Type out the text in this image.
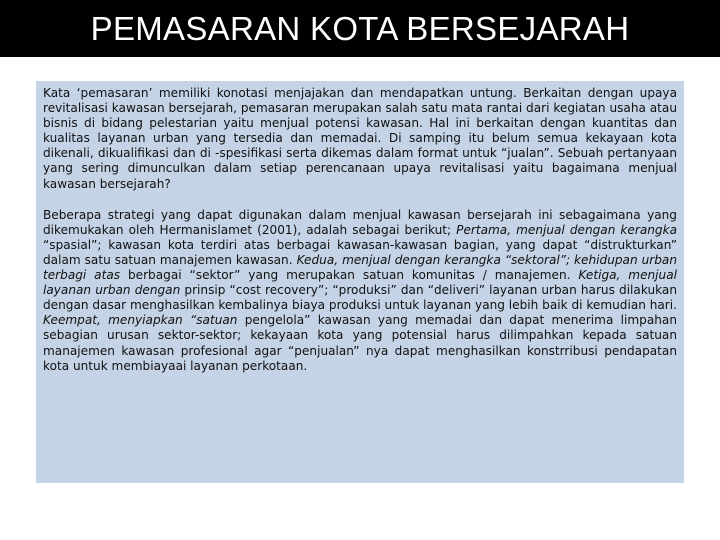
PEMASARAN KOTA BERSEJARAH

Kata ‘pemasaran’ memiliki konotasi menjajakan dan mendapatkan untung. Berkaitan dengan upaya revitalisasi kawasan bersejarah, pemasaran merupakan salah satu mata rantai dari kegiatan usaha atau bisnis di bidang pelestarian yaitu menjual potensi kawasan. Hal ini berkaitan dengan kuantitas dan kualitas layanan urban yang tersedia dan memadai. Di samping itu belum semua kekayaan kota dikenali, dikualifikasi dan di -spesifikasi serta dikemas dalam format untuk “jualan”. Sebuah pertanyaan yang sering dimunculkan dalam setiap perencanaan upaya revitalisasi yaitu bagaimana menjual kawasan bersejarah?

Beberapa strategi yang dapat digunakan dalam menjual kawasan bersejarah ini sebagaimana yang dikemukakan oleh Hermanislamet (2001), adalah sebagai berikut; Pertama, menjual dengan kerangka “spasial”; kawasan kota terdiri atas berbagai kawasan-kawasan bagian, yang dapat “distrukturkan” dalam satu satuan manajemen kawasan. Kedua, menjual dengan kerangka “sektoral”; kehidupan urban terbagi atas berbagai “sektor” yang merupakan satuan komunitas / manajemen. Ketiga, menjual layanan urban dengan prinsip “cost recovery”; “produksi” dan “deliveri” layanan urban harus dilakukan dengan dasar menghasilkan kembalinya biaya produksi untuk layanan yang lebih baik di kemudian hari. Keempat, menyiapkan “satuan pengelola” kawasan yang memadai dan dapat menerima limpahan sebagian urusan sektor-sektor; kekayaan kota yang potensial harus dilimpahkan kepada satuan manajemen kawasan profesional agar “penjualan” nya dapat menghasilkan konstrribusi pendapatan kota untuk membiayaai layanan perkotaan.
